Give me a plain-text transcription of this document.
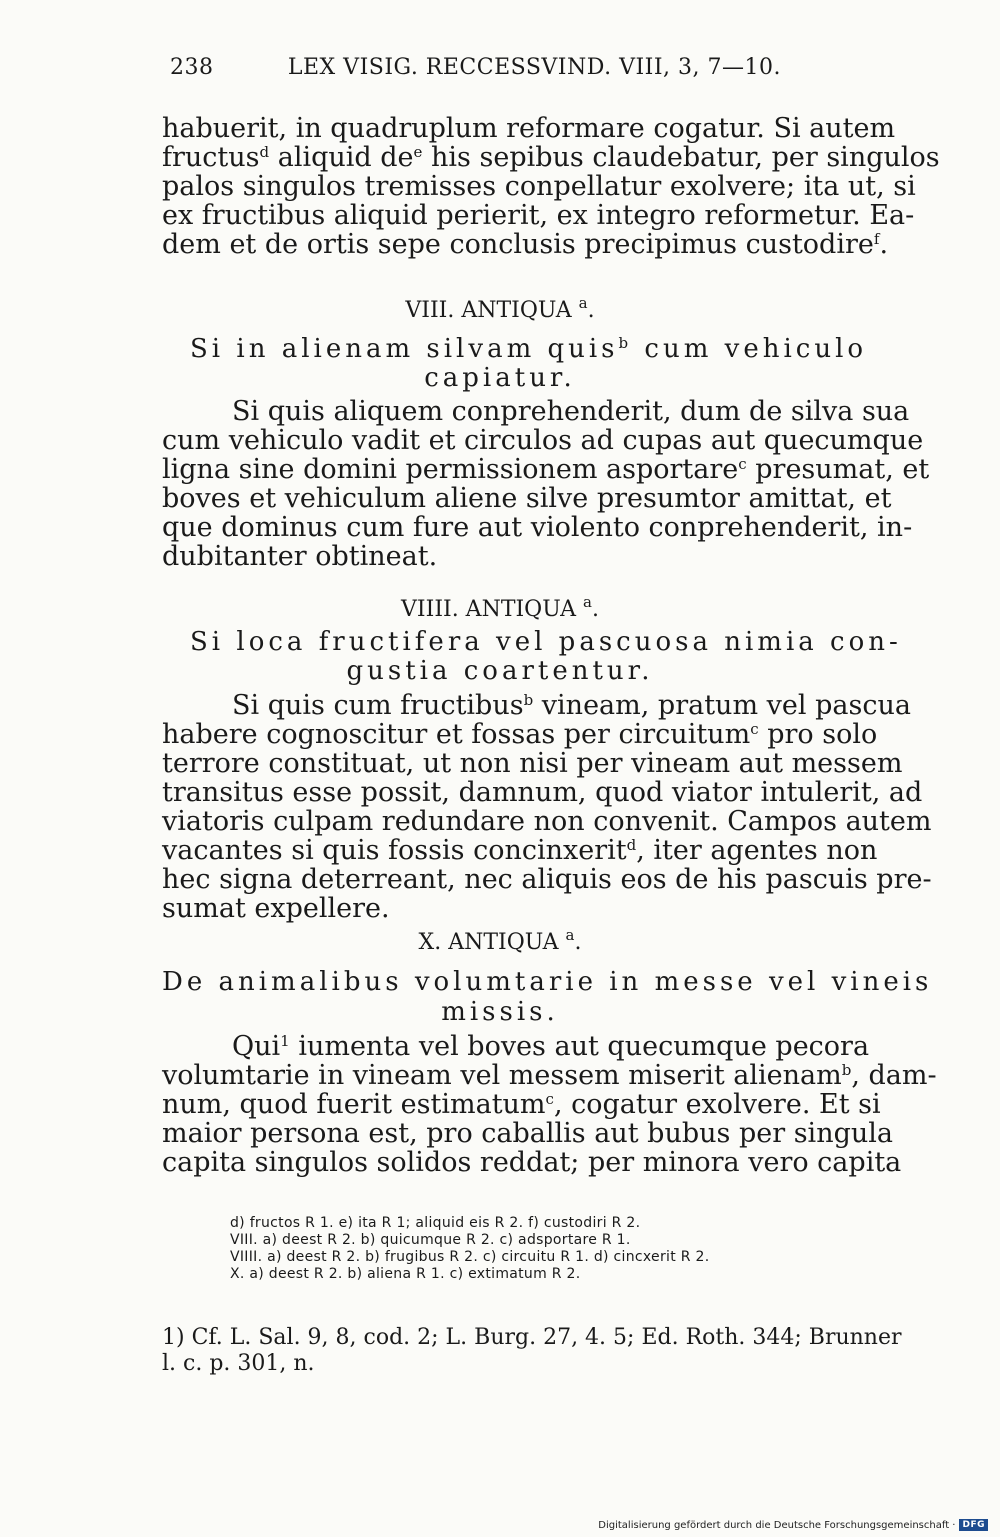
238	LEX VISIG. RECCESSVIND. VIII, 3, 7—10.
habuerit, in quadruplum reformare cogatur. Si autem
fructus$^d$ aliquid $de^e$ his sepibus claudebatur, per singulos
palos singulos tremisses conpellatur exolvere; ita ut, si
ex fructibus aliquid perierit, ex integro reformetur. Ea-
dem et de ortis sepe conclusis precipimus custodire$^f$.
VIII. ANTIQUA $^a$.
Si in alienam silvam quis$^b$ cum vehiculo
capiatur.
Si quis aliquem conprehenderit, dum de silva sua
cum vehiculo vadit et circulos ad cupas aut quecumque
ligna sine domini permissionem asportare$^c$ presumat, et
boves et vehiculum aliene silve presumtor amittat, et
que dominus cum fure aut violento conprehenderit, in-
dubitanter obtineat.
VIIII. ANTIQUA $^a$.
Si loca fructifera vel pascuosa nimia con-
gustia coartentur.
Si quis cum fructibus$^b$ vineam, pratum vel pascua
habere cognoscitur et fossas per circuitum$^c$ pro solo
terrore constituat, ut non nisi per vineam aut messem
transitus esse possit, damnum, quod viator intulerit, ad
viatoris culpam redundare non convenit. Campos autem
vacantes si quis fossis concinxerit$^d$, iter agentes non
hec signa deterreant, nec aliquis eos de his pascuis pre-
sumat expellere.
X. ANTIQUA $^a$.
De animalibus volumtarie in messe vel vineis
missis.
Qui$^1$ iumenta vel boves aut quecumque pecora
volumtarie in vineam vel messem miserit alienam$^b$, dam-
num, quod fuerit estimatum$^c$, cogatur exolvere. Et si
maior persona est, pro caballis aut bubus per singula
capita singulos solidos reddat; per minora vero capita
d) fructos R 1. e) ita R 1; aliquid eis R 2. f) custodiri R 2.
VIII. a) deest R 2. b) quicumque R 2. c) adsportare R 1.
VIIII. a) deest R 2. b) frugibus R 2. c) circuitu R 1. d) cincxerit R 2.
X. a) deest R 2. b) aliena R 1. c) extimatum R 2.
1) Cf. L. Sal. 9, 8, cod. 2; L. Burg. 27, 4. 5; Ed. Roth. 344; Brunner
l. c. p. 301, n.
Digitalisierung gefördert durch die Deutsche Forschungsgemeinschaft · DFG
